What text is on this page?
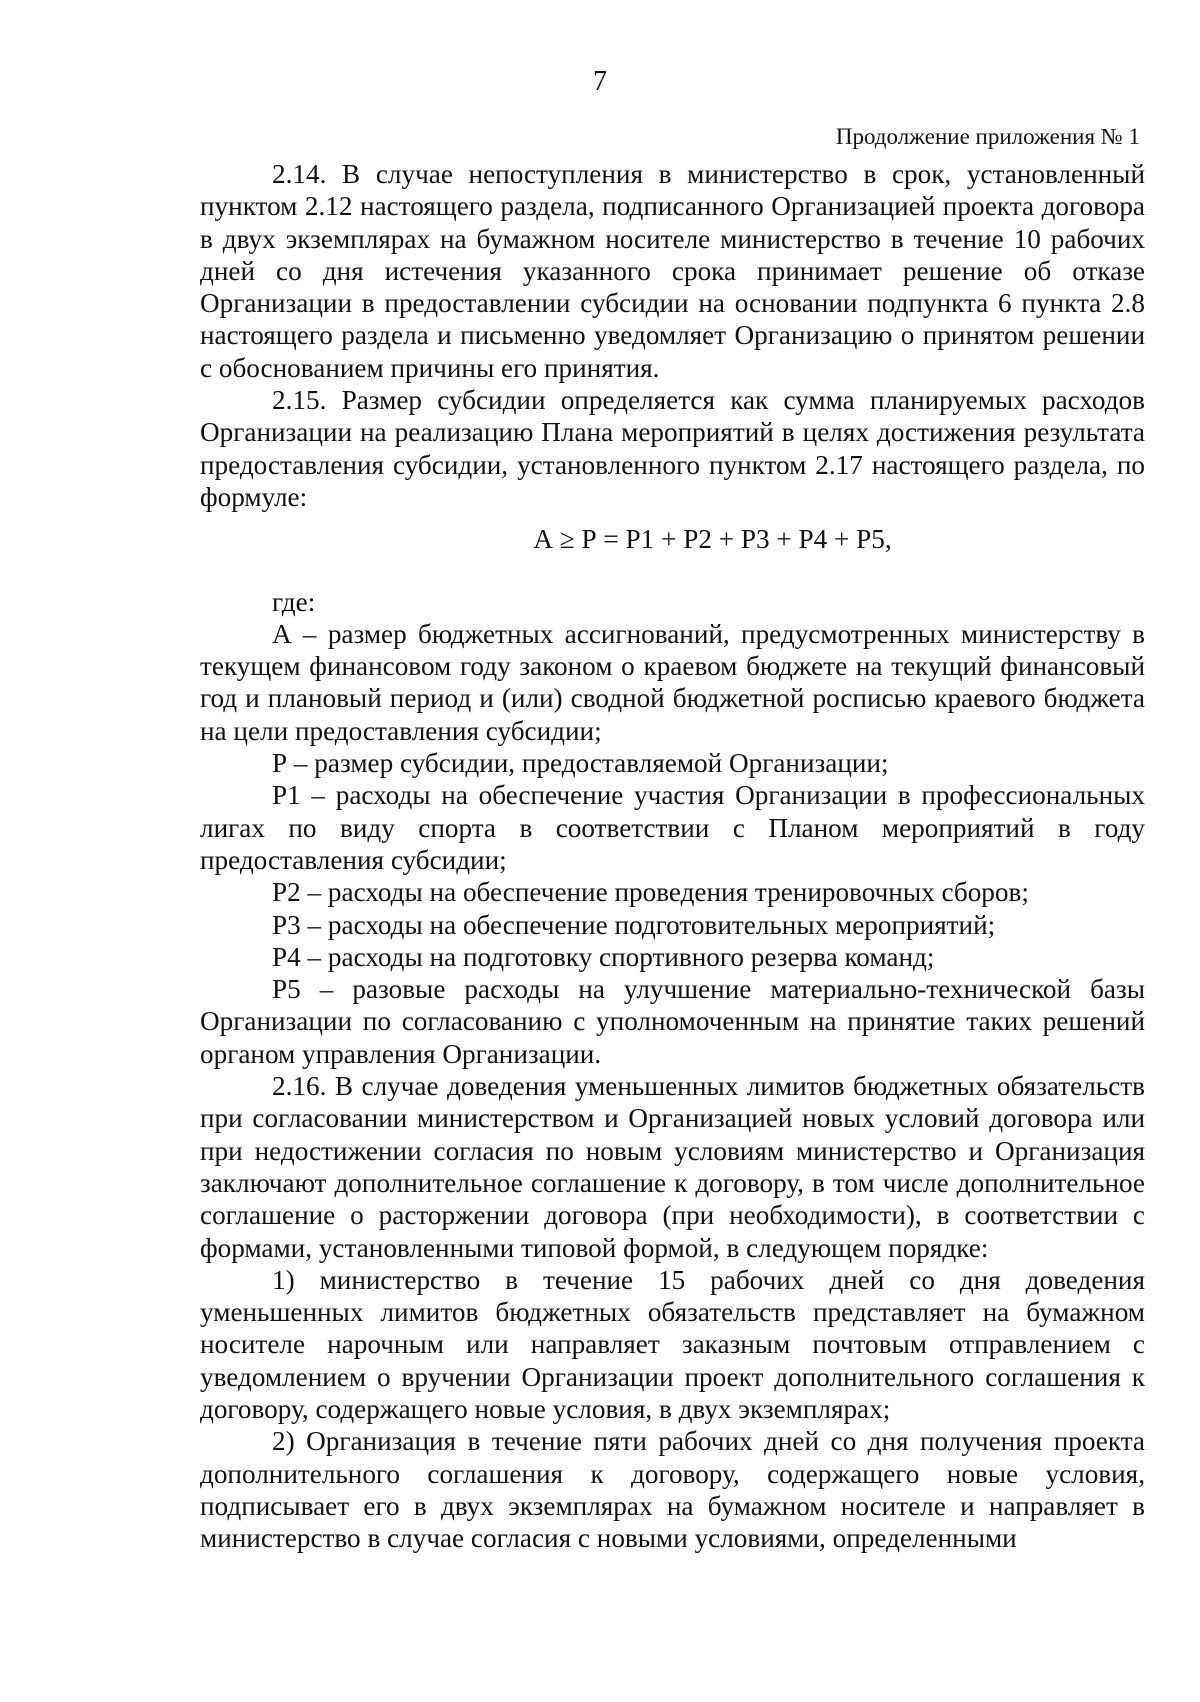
7
Продолжение приложения № 1

2.14. В случае непоступления в министерство в срок, установленный пунктом 2.12 настоящего раздела, подписанного Организацией проекта договора в двух экземплярах на бумажном носителе министерство в течение 10 рабочих дней со дня истечения указанного срока принимает решение об отказе Организации в предоставлении субсидии на основании подпункта 6 пункта 2.8 настоящего раздела и письменно уведомляет Организацию о принятом решении с обоснованием причины его принятия.

2.15. Размер субсидии определяется как сумма планируемых расходов Организации на реализацию Плана мероприятий в целях достижения результата предоставления субсидии, установленного пунктом 2.17 настоящего раздела, по формуле:

А ≥ Р = Р1 + Р2 + Р3 + Р4 + Р5,

где:

А – размер бюджетных ассигнований, предусмотренных министерству в текущем финансовом году законом о краевом бюджете на текущий финансовый год и плановый период и (или) сводной бюджетной росписью краевого бюджета на цели предоставления субсидии;

Р – размер субсидии, предоставляемой Организации;

Р1 – расходы на обеспечение участия Организации в профессиональных лигах по виду спорта в соответствии с Планом мероприятий в году предоставления субсидии;

Р2 – расходы на обеспечение проведения тренировочных сборов;

Р3 – расходы на обеспечение подготовительных мероприятий;

Р4 – расходы на подготовку спортивного резерва команд;

Р5 – разовые расходы на улучшение материально-технической базы Организации по согласованию с уполномоченным на принятие таких решений органом управления Организации.

2.16. В случае доведения уменьшенных лимитов бюджетных обязательств при согласовании министерством и Организацией новых условий договора или при недостижении согласия по новым условиям министерство и Организация заключают дополнительное соглашение к договору, в том числе дополнительное соглашение о расторжении договора (при необходимости), в соответствии с формами, установленными типовой формой, в следующем порядке:

1) министерство в течение 15 рабочих дней со дня доведения уменьшенных лимитов бюджетных обязательств представляет на бумажном носителе нарочным или направляет заказным почтовым отправлением с уведомлением о вручении Организации проект дополнительного соглашения к договору, содержащего новые условия, в двух экземплярах;

2) Организация в течение пяти рабочих дней со дня получения проекта дополнительного соглашения к договору, содержащего новые условия, подписывает его в двух экземплярах на бумажном носителе и направляет в министерство в случае согласия с новыми условиями, определенными
